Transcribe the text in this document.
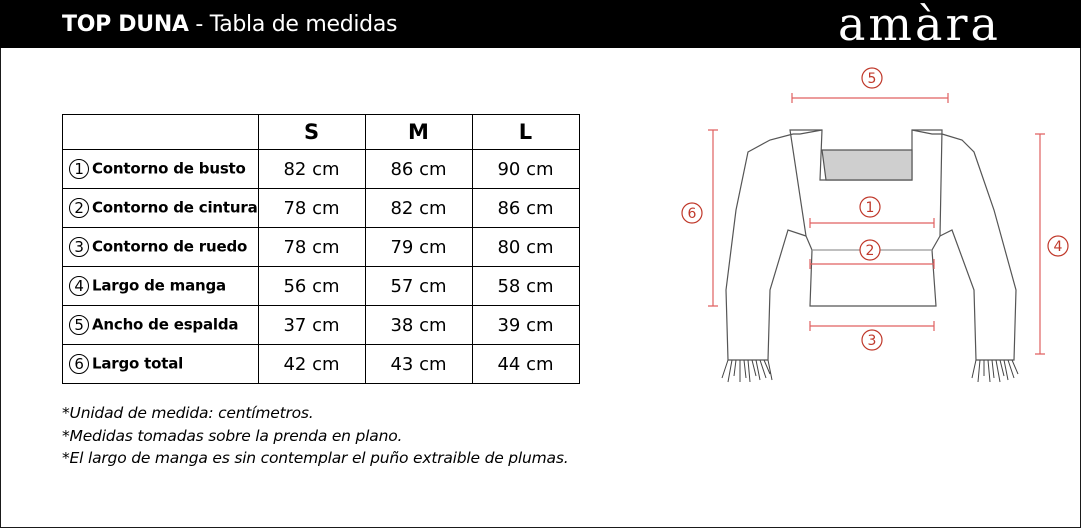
TOP DUNA - Tabla de medidas	amàra
	S	M	L
1 Contorno de busto	82 cm	86 cm	90 cm
2 Contorno de cintura	78 cm	82 cm	86 cm
3 Contorno de ruedo	78 cm	79 cm	80 cm
4 Largo de manga	56 cm	57 cm	58 cm
5 Ancho de espalda	37 cm	38 cm	39 cm
6 Largo total	42 cm	43 cm	44 cm
*Unidad de medida: centímetros.
*Medidas tomadas sobre la prenda en plano.
*El largo de manga es sin contemplar el puño extraible de plumas.
5
1
2
3
6
4
